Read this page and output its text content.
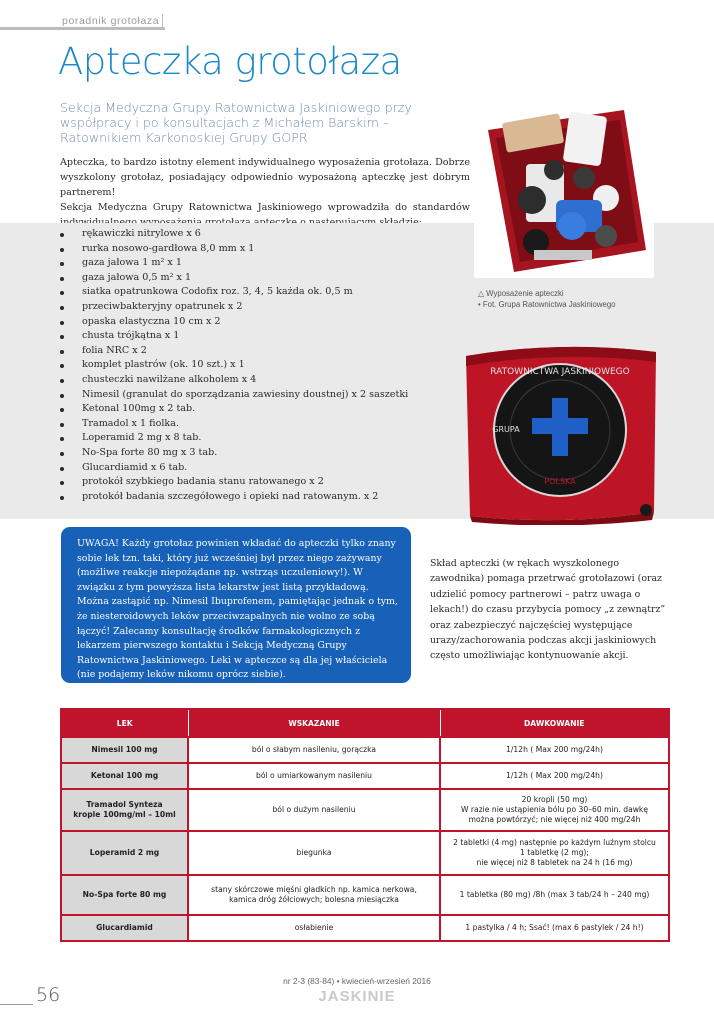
poradnik grotołaza
Apteczka grotołaza
Sekcja Medyczna Grupy Ratownictwa Jaskiniowego przy współpracy i po konsultacjach z Michałem Barskim – Ratownikiem Karkonoskiej Grupy GOPR

Apteczka, to bardzo istotny element indywidualnego wyposażenia grotołaza. Dobrze wyszkolony grotołaz, posiadający odpowiednio wyposażoną apteczkę jest dobrym partnerem!

Sekcja Medyczna Grupy Ratownictwa Jaskiniowego wprowadziła do standardów

rękawiczki nitrylowe x 6
rurka nosowo-gardłowa 8,0 mm x 1
gaza jałowa 1 m² x 1
gaza jałowa 0,5 m² x 1
siatka opatrunkowa Codofix roz. 3, 4, 5 każda ok. 0,5 m
przeciwbakteryjny opatrunek x 2
opaska elastyczna 10 cm x 2
chusta trójkątna x 1
folia NRC x 2
komplet plastrów (ok. 10 szt.) x 1
chusteczki nawilżane alkoholem x 4
Nimesil (granulat do sporządzania zawiesiny doustnej) x 2 saszetki
Ketonal 100mg x 2 tab.
Tramadol x 1 fiolka.
Loperamid 2 mg x 8 tab.
No-Spa forte 80 mg x 3 tab.
Glucardiamid x 6 tab.
protokół szybkiego badania stanu ratowanego x 2
protokół badania szczegółowego i opieki nad ratowanym. x 2
△ Wyposażenie apteczki
• Fot. Grupa Ratownictwa Jaskiniowego
RATOWNICTWA JASKINIOWEGO
GRUPA
POLSKA
UWAGA! Każdy grotołaz powinien wkładać do apteczki tylko znany sobie lek tzn. taki, który już wcześniej był przez niego zażywany (możliwe reakcje niepożądane np. wstrząs uczuleniowy!). W związku z tym powyższa lista lekarstw jest listą przykładową. Można zastąpić np. Nimesil Ibuprofenem, pamiętając jednak o tym, że niesteroidowych leków przeciwzapalnych nie wolno ze sobą łączyć! Zalecamy konsultację środków farmakologicznych z lekarzem pierwszego kontaktu i Sekcją Medyczną Grupy Ratownictwa Jaskiniowego. Leki w apteczce są dla jej właściciela (nie podajemy leków nikomu oprócz siebie).
Skład apteczki (w rękach wyszkolonego zawodnika) pomaga przetrwać grotołazowi (oraz udzielić pomocy partnerowi – patrz uwaga o lekach!) do czasu przybycia pomocy „z zewnątrz” oraz zabezpieczyć najczęściej występujące urazy/zachorowania podczas akcji jaskiniowych często umożliwiając kontynuowanie akcji.
LEK	WSKAZANIE	DAWKOWANIE
Nimesil 100 mg	ból o słabym nasileniu, gorączka	1/12h ( Max 200 mg/24h)
Ketonal 100 mg	ból o umiarkowanym nasileniu	1/12h ( Max 200 mg/24h)
Tramadol Synteza
krople 100mg/ml – 10ml	ból o dużym nasileniu	20 kropli (50 mg)
W razie nie ustąpienia bólu po 30–60 min. dawkę
można powtórzyć; nie więcej niż 400 mg/24h
Loperamid 2 mg	biegunka	2 tabletki (4 mg) następnie po każdym luźnym stolcu
1 tabletkę (2 mg);
nie więcej niż 8 tabletek na 24 h (16 mg)
No-Spa forte 80 mg	stany skórczowe mięśni gładkich np. kamica nerkowa,
kamica dróg żółciowych; bolesna miesiączka	1 tabletka (80 mg) /8h (max 3 tab/24 h – 240 mg)
Glucardiamid	osłabienie	1 pastylka / 4 h; Ssać! (max 6 pastylek / 24 h!)
nr 2-3 (83-84) • kwiecień-wrzesień 2016
JASKINIE
56
